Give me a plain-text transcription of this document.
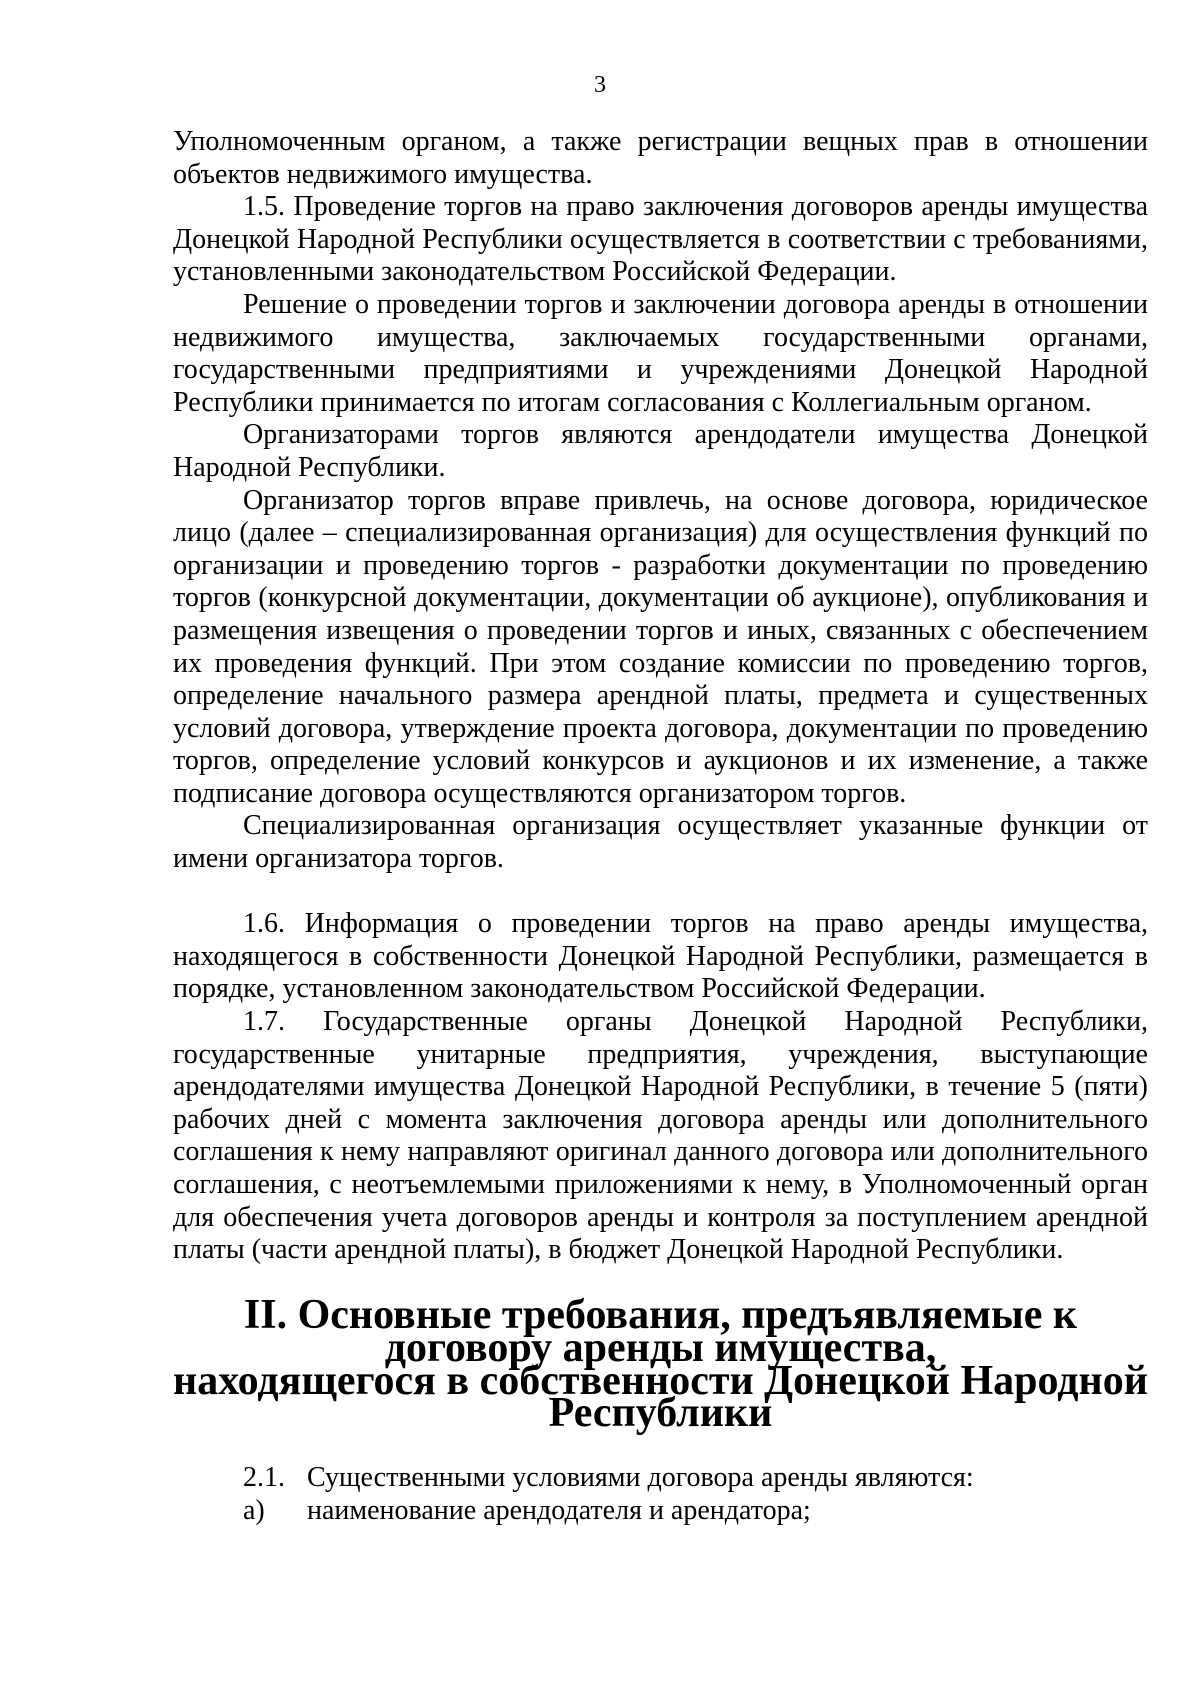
3

Уполномоченным органом, а также регистрации вещных прав в отношении объектов недвижимого имущества.

1.5. Проведение торгов на право заключения договоров аренды имущества Донецкой Народной Республики осуществляется в соответствии с требованиями, установленными законодательством Российской Федерации.

Решение о проведении торгов и заключении договора аренды в отношении недвижимого имущества, заключаемых государственными органами, государственными предприятиями и учреждениями Донецкой Народной Республики принимается по итогам согласования с Коллегиальным органом.

Организаторами торгов являются арендодатели имущества Донецкой Народной Республики.

Организатор торгов вправе привлечь, на основе договора, юридическое лицо (далее – специализированная организация) для осуществления функций по организации и проведению торгов - разработки документации по проведению торгов (конкурсной документации, документации об аукционе), опубликования и размещения извещения о проведении торгов и иных, связанных с обеспечением их проведения функций. При этом создание комиссии по проведению торгов, определение начального размера арендной платы, предмета и существенных условий договора, утверждение проекта договора, документации по проведению торгов, определение условий конкурсов и аукционов и их изменение, а также подписание договора осуществляются организатором торгов.

Специализированная организация осуществляет указанные функции от имени организатора торгов.

1.6. Информация о проведении торгов на право аренды имущества, находящегося в собственности Донецкой Народной Республики, размещается в порядке, установленном законодательством Российской Федерации.

1.7. Государственные органы Донецкой Народной Республики, государственные унитарные предприятия, учреждения, выступающие арендодателями имущества Донецкой Народной Республики, в течение 5 (пяти) рабочих дней с момента заключения договора аренды или дополнительного соглашения к нему направляют оригинал данного договора или дополнительного соглашения, с неотъемлемыми приложениями к нему, в Уполномоченный орган для обеспечения учета договоров аренды и контроля за поступлением арендной платы (части арендной платы), в бюджет Донецкой Народной Республики.

II. Основные требования, предъявляемые к договору аренды имущества,
находящегося в собственности Донецкой Народной Республики
2.1. Существенными условиями договора аренды являются:
а)	наименование арендодателя и арендатора;
